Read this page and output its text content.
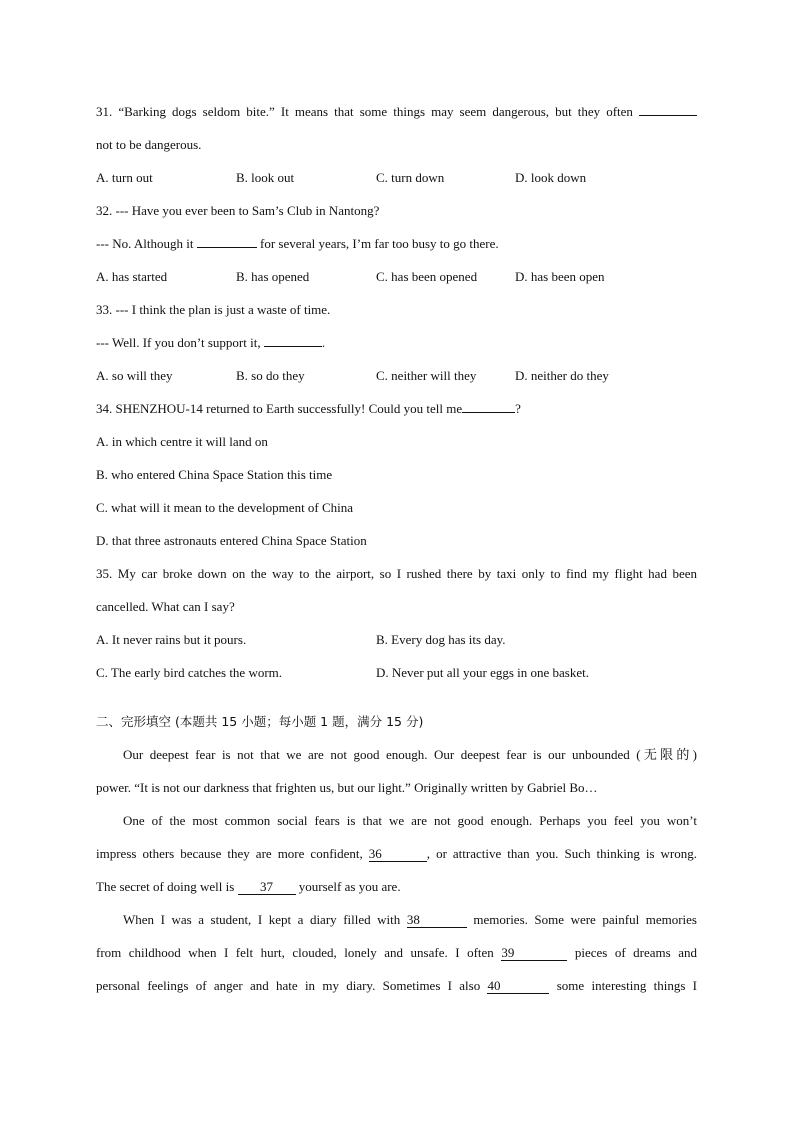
31. “Barking dogs seldom bite.” It means that some things may seem dangerous, but they often
not to be dangerous.
A. turn out	B. look out	C. turn down	D. look down
32. --- Have you ever been to Sam’s Club in Nantong?
--- No. Although it	for several years, I’m far too busy to go there.
A. has started	B. has opened	C. has been opened	D. has been open
33. --- I think the plan is just a waste of time.
--- Well. If you don’t support it,	.
A. so will they	B. so do they	C. neither will they	D. neither do they
34. SHENZHOU-14 returned to Earth successfully! Could you tell me	?
A. in which centre it will land on
B. who entered China Space Station this time
C. what will it mean to the development of China
D. that three astronauts entered China Space Station
35. My car broke down on the way to the airport, so I rushed there by taxi only to find my flight had been
cancelled. What can I say?
A. It never rains but it pours.	B. Every dog has its day.
C. The early bird catches the worm.	D. Never put all your eggs in one basket.
二、完形填空 (本题共 15 小题；每小题 1 题，满分 15 分)
Our deepest fear is not that we are not good enough. Our deepest fear is our unbounded (无限的)
power. “It is not our darkness that frighten us, but our light.” Originally written by Gabriel Bo…
One of the most common social fears is that we are not good enough. Perhaps you feel you won’t
impress others because they are more confident, 36	, or attractive than you. Such thinking is wrong.
The secret of doing well is 37 yourself as you are.
When I was a student, I kept a diary filled with 38	memories. Some were painful memories
from childhood when I felt hurt, clouded, lonely and unsafe. I often 39	pieces of dreams and
personal feelings of anger and hate in my diary. Sometimes I also 40	some interesting things I
